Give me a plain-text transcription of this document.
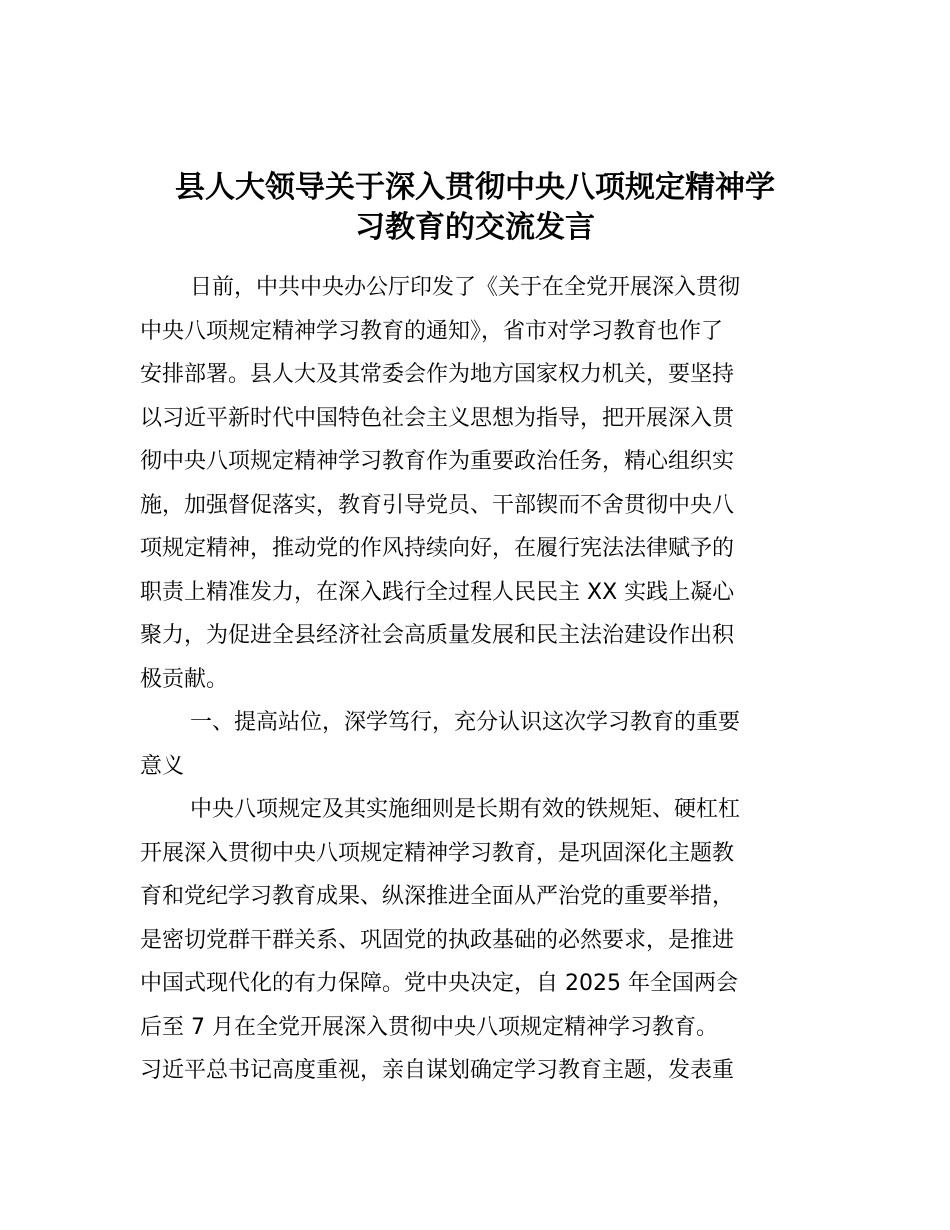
县人大领导关于深入贯彻中央八项规定精神学
习教育的交流发言
日前，中共中央办公厅印发了《关于在全党开展深入贯彻
中央八项规定精神学习教育的通知》，省市对学习教育也作了
安排部署。县人大及其常委会作为地方国家权力机关，要坚持
以习近平新时代中国特色社会主义思想为指导，把开展深入贯
彻中央八项规定精神学习教育作为重要政治任务，精心组织实
施，加强督促落实，教育引导党员、干部锲而不舍贯彻中央八
项规定精神，推动党的作风持续向好，在履行宪法法律赋予的
职责上精准发力，在深入践行全过程人民民主 XX 实践上凝心
聚力，为促进全县经济社会高质量发展和民主法治建设作出积
极贡献。
一、提高站位，深学笃行，充分认识这次学习教育的重要
意义
中央八项规定及其实施细则是长期有效的铁规矩、硬杠杠
开展深入贯彻中央八项规定精神学习教育，是巩固深化主题教
育和党纪学习教育成果、纵深推进全面从严治党的重要举措，
是密切党群干群关系、巩固党的执政基础的必然要求，是推进
中国式现代化的有力保障。党中央决定，自 2025 年全国两会
后至 7 月在全党开展深入贯彻中央八项规定精神学习教育。
习近平总书记高度重视，亲自谋划确定学习教育主题，发表重
